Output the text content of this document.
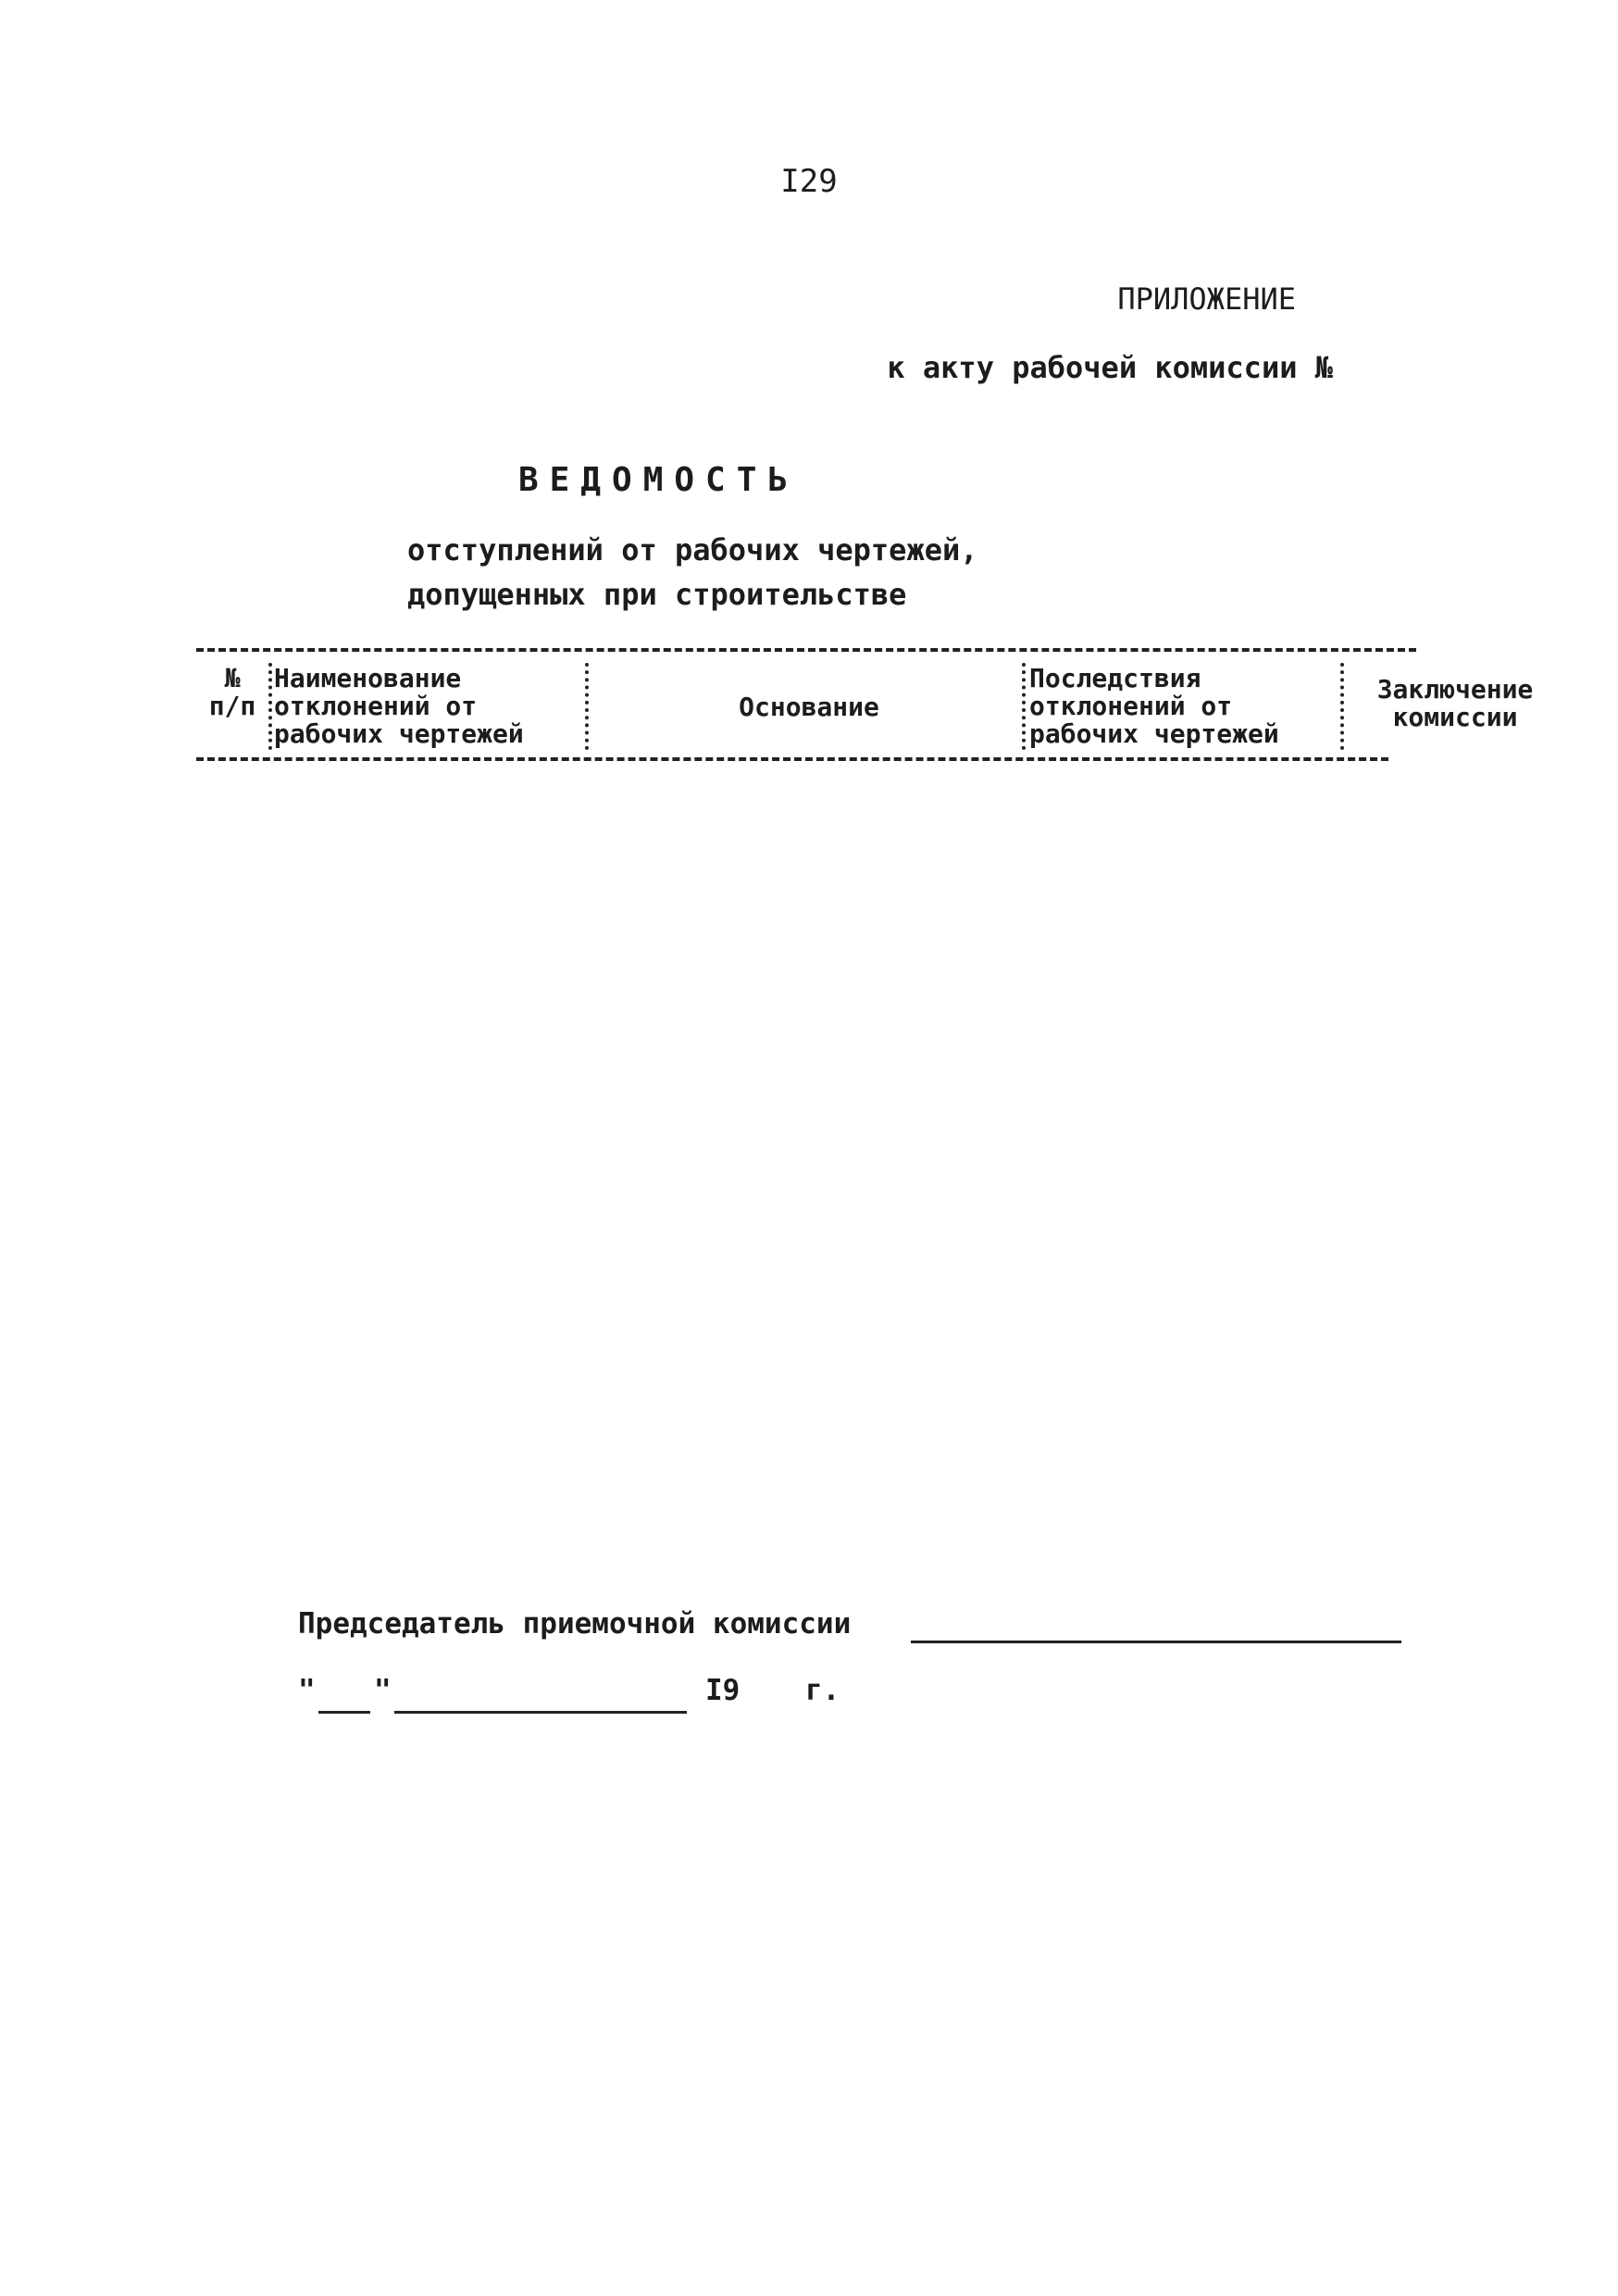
I29
ПРИЛОЖЕНИЕ
к акту рабочей комиссии №
ВЕДОМОСТЬ
отступлений от рабочих чертежей,
допущенных при строительстве

№
п/п

Наименование
отклонений от
рабочих чертежей

Основание

Последствия
отклонений от
рабочих чертежей

Заключение
комиссии

Председатель приемочной комиссии
" "	I9 г.
